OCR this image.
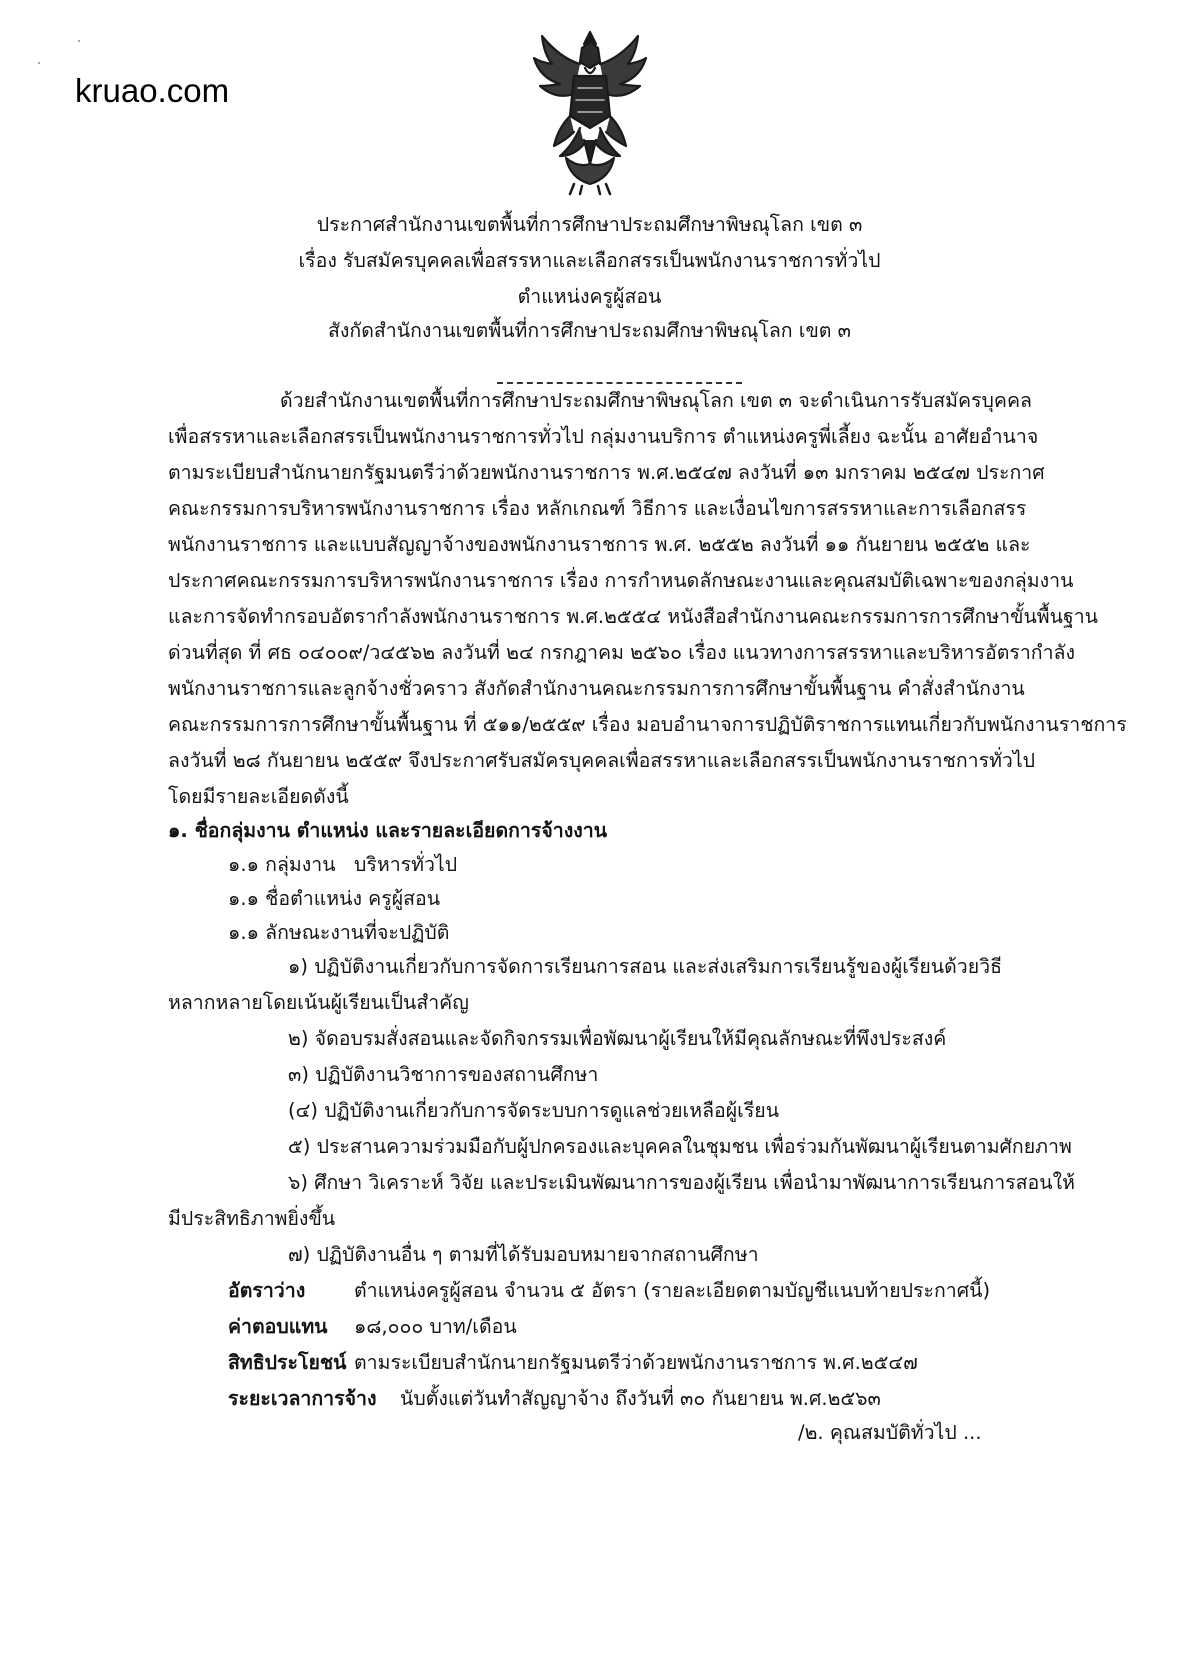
kruao.com
ประกาศสำนักงานเขตพื้นที่การศึกษาประถมศึกษาพิษณุโลก เขต ๓
เรื่อง รับสมัครบุคคลเพื่อสรรหาและเลือกสรรเป็นพนักงานราชการทั่วไป
ตำแหน่งครูผู้สอน
สังกัดสำนักงานเขตพื้นที่การศึกษาประถมศึกษาพิษณุโลก เขต ๓
ด้วยสำนักงานเขตพื้นที่การศึกษาประถมศึกษาพิษณุโลก เขต ๓ จะดำเนินการรับสมัครบุคคล
เพื่อสรรหาและเลือกสรรเป็นพนักงานราชการทั่วไป กลุ่มงานบริการ ตำแหน่งครูพี่เลี้ยง ฉะนั้น อาศัยอำนาจ
ตามระเบียบสำนักนายกรัฐมนตรีว่าด้วยพนักงานราชการ พ.ศ.๒๕๔๗ ลงวันที่ ๑๓ มกราคม ๒๕๔๗ ประกาศ
คณะกรรมการบริหารพนักงานราชการ เรื่อง หลักเกณฑ์ วิธีการ และเงื่อนไขการสรรหาและการเลือกสรร
พนักงานราชการ และแบบสัญญาจ้างของพนักงานราชการ พ.ศ. ๒๕๕๒ ลงวันที่ ๑๑ กันยายน ๒๕๕๒ และ
ประกาศคณะกรรมการบริหารพนักงานราชการ เรื่อง การกำหนดลักษณะงานและคุณสมบัติเฉพาะของกลุ่มงาน
และการจัดทำกรอบอัตรากำลังพนักงานราชการ พ.ศ.๒๕๕๔ หนังสือสำนักงานคณะกรรมการการศึกษาขั้นพื้นฐาน
ด่วนที่สุด ที่ ศธ ๐๔๐๐๙/ว๔๕๖๒ ลงวันที่ ๒๔ กรกฎาคม ๒๕๖๐ เรื่อง แนวทางการสรรหาและบริหารอัตรากำลัง
พนักงานราชการและลูกจ้างชั่วคราว สังกัดสำนักงานคณะกรรมการการศึกษาขั้นพื้นฐาน คำสั่งสำนักงาน
คณะกรรมการการศึกษาขั้นพื้นฐาน ที่ ๕๑๑/๒๕๕๙ เรื่อง มอบอำนาจการปฏิบัติราชการแทนเกี่ยวกับพนักงานราชการ
ลงวันที่ ๒๘ กันยายน ๒๕๕๙ จึงประกาศรับสมัครบุคคลเพื่อสรรหาและเลือกสรรเป็นพนักงานราชการทั่วไป
โดยมีรายละเอียดดังนี้
๑. ชื่อกลุ่มงาน ตำแหน่ง และรายละเอียดการจ้างงาน
๑.๑ กลุ่มงาน บริหารทั่วไป
๑.๑ ชื่อตำแหน่ง ครูผู้สอน
๑.๑ ลักษณะงานที่จะปฏิบัติ
๑) ปฏิบัติงานเกี่ยวกับการจัดการเรียนการสอน และส่งเสริมการเรียนรู้ของผู้เรียนด้วยวิธี
หลากหลายโดยเน้นผู้เรียนเป็นสำคัญ
๒) จัดอบรมสั่งสอนและจัดกิจกรรมเพื่อพัฒนาผู้เรียนให้มีคุณลักษณะที่พึงประสงค์
๓) ปฏิบัติงานวิชาการของสถานศึกษา
(๔) ปฏิบัติงานเกี่ยวกับการจัดระบบการดูแลช่วยเหลือผู้เรียน
๕) ประสานความร่วมมือกับผู้ปกครองและบุคคลในชุมชน เพื่อร่วมกันพัฒนาผู้เรียนตามศักยภาพ
๖) ศึกษา วิเคราะห์ วิจัย และประเมินพัฒนาการของผู้เรียน เพื่อนำมาพัฒนาการเรียนการสอนให้
มีประสิทธิภาพยิ่งขึ้น
๗) ปฏิบัติงานอื่น ๆ ตามที่ได้รับมอบหมายจากสถานศึกษา
อัตราว่าง	ตำแหน่งครูผู้สอน จำนวน ๕ อัตรา (รายละเอียดตามบัญชีแนบท้ายประกาศนี้)
ค่าตอบแทน ๑๘,๐๐๐ บาท/เดือน
สิทธิประโยชน์ ตามระเบียบสำนักนายกรัฐมนตรีว่าด้วยพนักงานราชการ พ.ศ.๒๕๔๗
ระยะเวลาการจ้าง นับตั้งแต่วันทำสัญญาจ้าง ถึงวันที่ ๓๐ กันยายน พ.ศ.๒๕๖๓
/๒. คุณสมบัติทั่วไป ...
